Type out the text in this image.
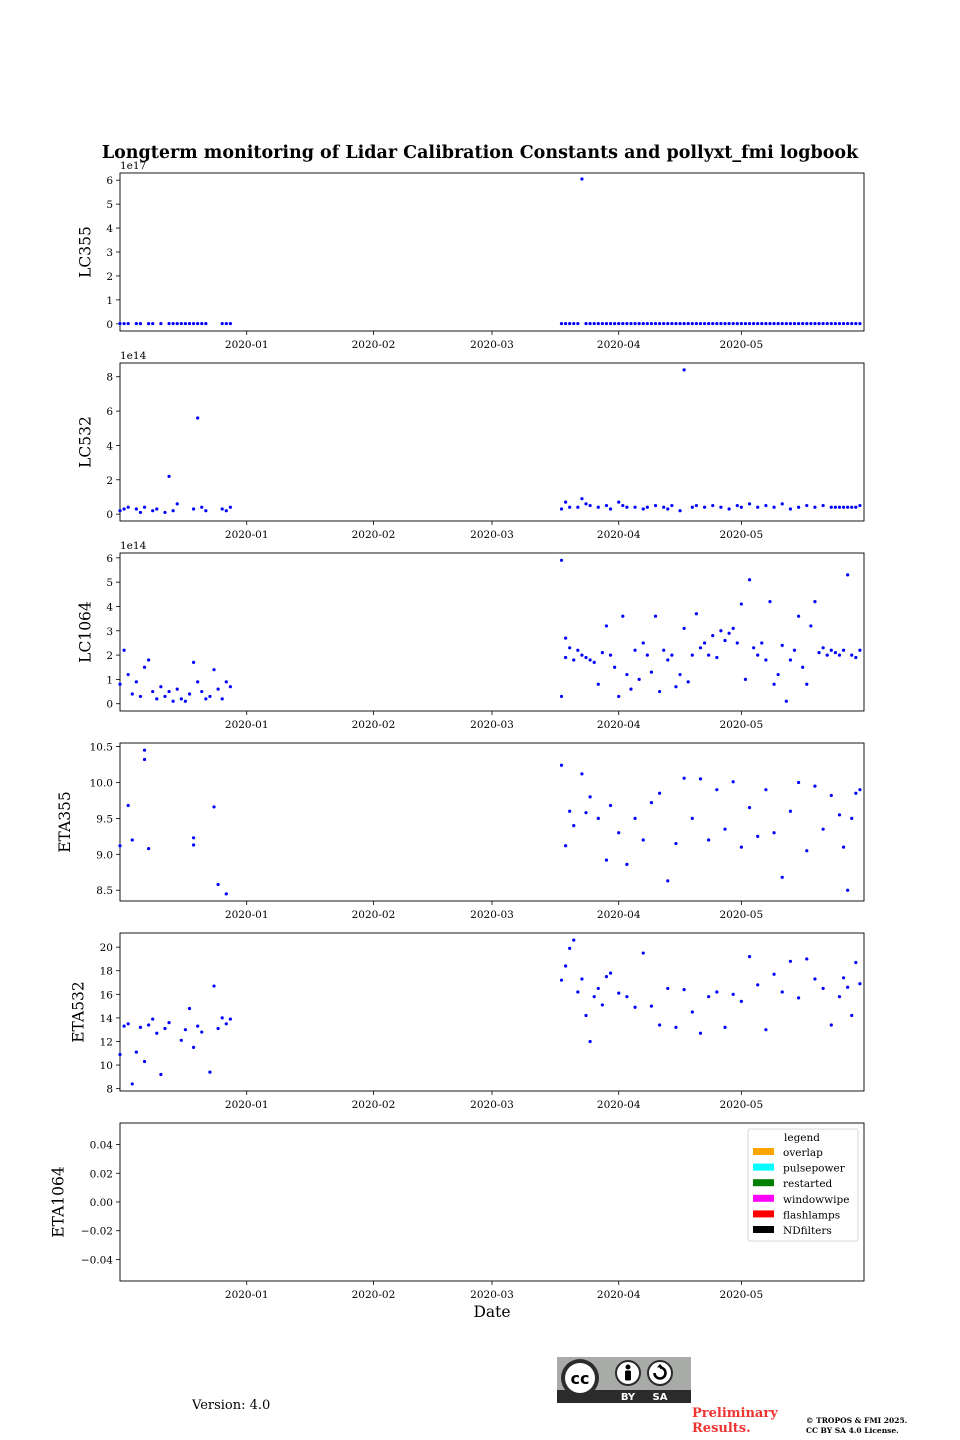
Longterm monitoring of Lidar Calibration Constants and pollyxt_fmi logbook
2020-01	2020-02	2020-03	2020-04	2020-05
0
1
2
3
4
5
6
1e17
LC355
2020-01	2020-02	2020-03	2020-04	2020-05
0
2
4
6
8
1e14
LC532
2020-01	2020-02	2020-03	2020-04	2020-05
0
1
2
3
4
5
6
1e14
LC1064
2020-01	2020-02	2020-03	2020-04	2020-05
8.5
9.0
9.5
10.0
10.5
ETA355
2020-01	2020-02	2020-03	2020-04	2020-05
8
10
12
14
16
18
20
ETA532
2020-01	2020-02	2020-03	2020-04	2020-05
−0.04
−0.02
0.00
0.02
0.04
ETA1064
legend
overlap
pulsepower
restarted
windowwipe
flashlamps
NDfilters
Date
Version: 4.0
cc
BY SA
Preliminary
Results.
© TROPOS & FMI 2025.
CC BY SA 4.0 License.
